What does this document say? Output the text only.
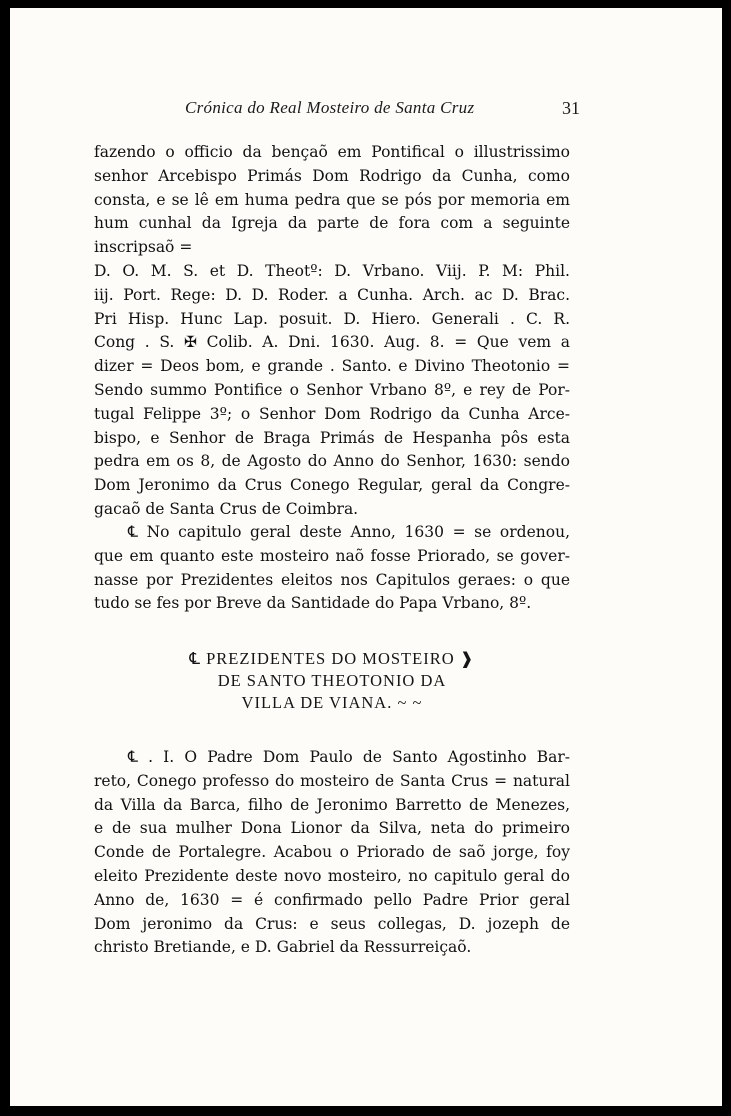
Crónica do Real Mosteiro de Santa Cruz	31
fazendo o officio da bençaõ em Pontifical o illustrissimo
senhor Arcebispo Primás Dom Rodrigo da Cunha, como
consta, e se lê em huma pedra que se pós por memoria em
hum cunhal da Igreja da parte de fora com a seguinte
inscripsaõ =
D. O. M. S. et D. Theotº: D. Vrbano. Viij. P. M: Phil.
iij. Port. Rege: D. D. Roder. a Cunha. Arch. ac D. Brac.
Pri Hisp. Hunc Lap. posuit. D. Hiero. Generali . C. R.
Cong . S. ✠ Colib. A. Dni. 1630. Aug. 8. = Que vem a
dizer = Deos bom, e grande . Santo. e Divino Theotonio =
Sendo summo Pontifice o Senhor Vrbano 8º, e rey de Por-
tugal Felippe 3º; o Senhor Dom Rodrigo da Cunha Arce-
bispo, e Senhor de Braga Primás de Hespanha pôs esta
pedra em os 8, de Agosto do Anno do Senhor, 1630: sendo
Dom Jeronimo da Crus Conego Regular, geral da Congre-
gacaõ de Santa Crus de Coimbra.
℄ No capitulo geral deste Anno, 1630 = se ordenou,
que em quanto este mosteiro naõ fosse Priorado, se gover-
nasse por Prezidentes eleitos nos Capitulos geraes: o que
tudo se fes por Breve da Santidade do Papa Vrbano, 8º.
℄ PREZIDENTES DO MOSTEIRO ❱
DE SANTO THEOTONIO DA
VILLA DE VIANA. ~ ~
℄ . I. O Padre Dom Paulo de Santo Agostinho Bar-
reto, Conego professo do mosteiro de Santa Crus = natural
da Villa da Barca, filho de Jeronimo Barretto de Menezes,
e de sua mulher Dona Lionor da Silva, neta do primeiro
Conde de Portalegre. Acabou o Priorado de saõ jorge, foy
eleito Prezidente deste novo mosteiro, no capitulo geral do
Anno de, 1630 = é confirmado pello Padre Prior geral
Dom jeronimo da Crus: e seus collegas, D. jozeph de
christo Bretiande, e D. Gabriel da Ressurreiçaõ.
